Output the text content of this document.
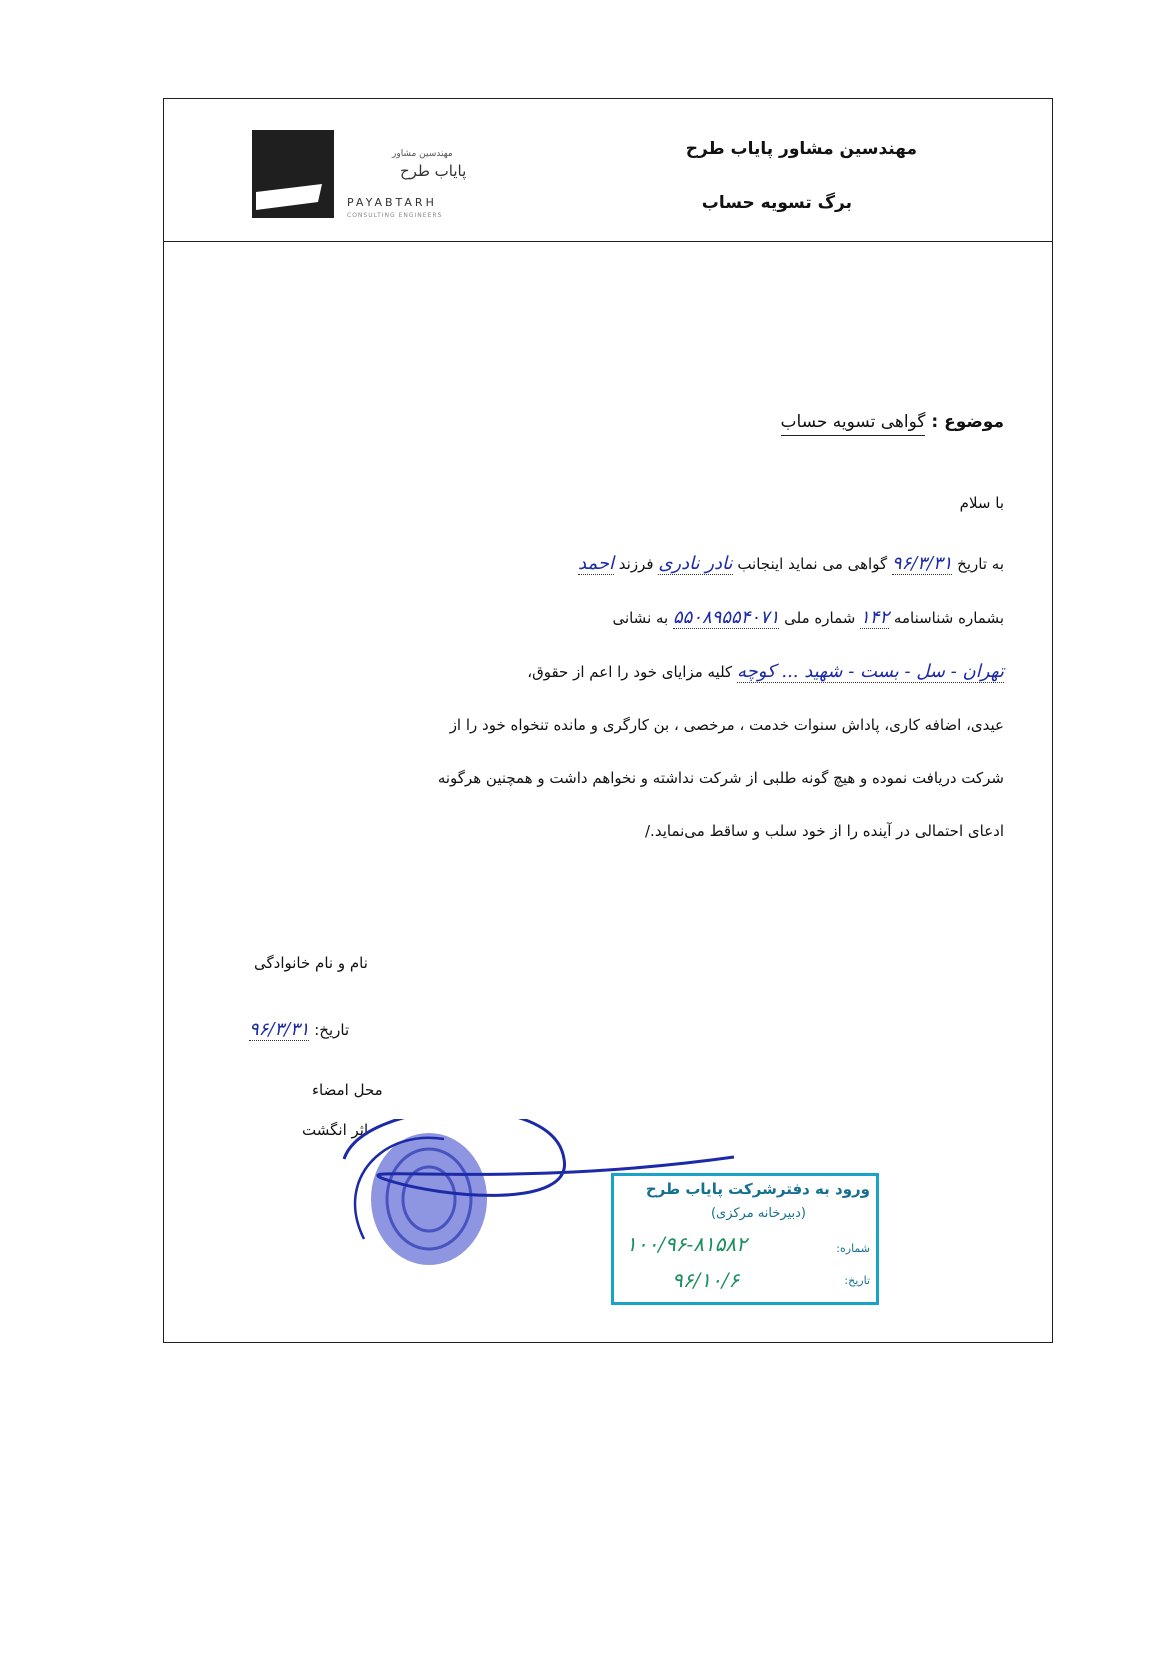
مهندسین مشاور پایاب طرح
برگ تسویه حساب
مهندسین مشاور
پایاب طرح
PAYABTARH
CONSULTING ENGINEERS
موضوع : گواهی تسویه حساب
با سلام

به تاریخ ۹۶/۳/۳۱ گواهی می نماید اینجانب نادر نادری فرزند احمد

بشماره شناسنامه ۱۴۲ شماره ملی ۵۵۰۸۹۵۵۴۰۷۱ به نشانی

تهران - سل - بست - شهید ... کوچه کلیه مزایای خود را اعم از حقوق،

عیدی، اضافه کاری، پاداش سنوات خدمت ، مرخصی ، بن کارگری و مانده تنخواه خود را از

شرکت دریافت نموده و هیچ گونه طلبی از شرکت نداشته و نخواهم داشت و همچنین هرگونه

ادعای احتمالی در آینده را از خود سلب و ساقط می‌نماید./

نام و نام خانوادگی
تاریخ: ۹۶/۳/۳۱
محل امضاء
اثر انگشت
ورود به دفترشرکت پایاب طرح
(دبیرخانه مرکزی)
شماره:
۱۰۰/۹۶-۸۱۵۸۲
تاریخ:
۹۶/۱۰/۶
